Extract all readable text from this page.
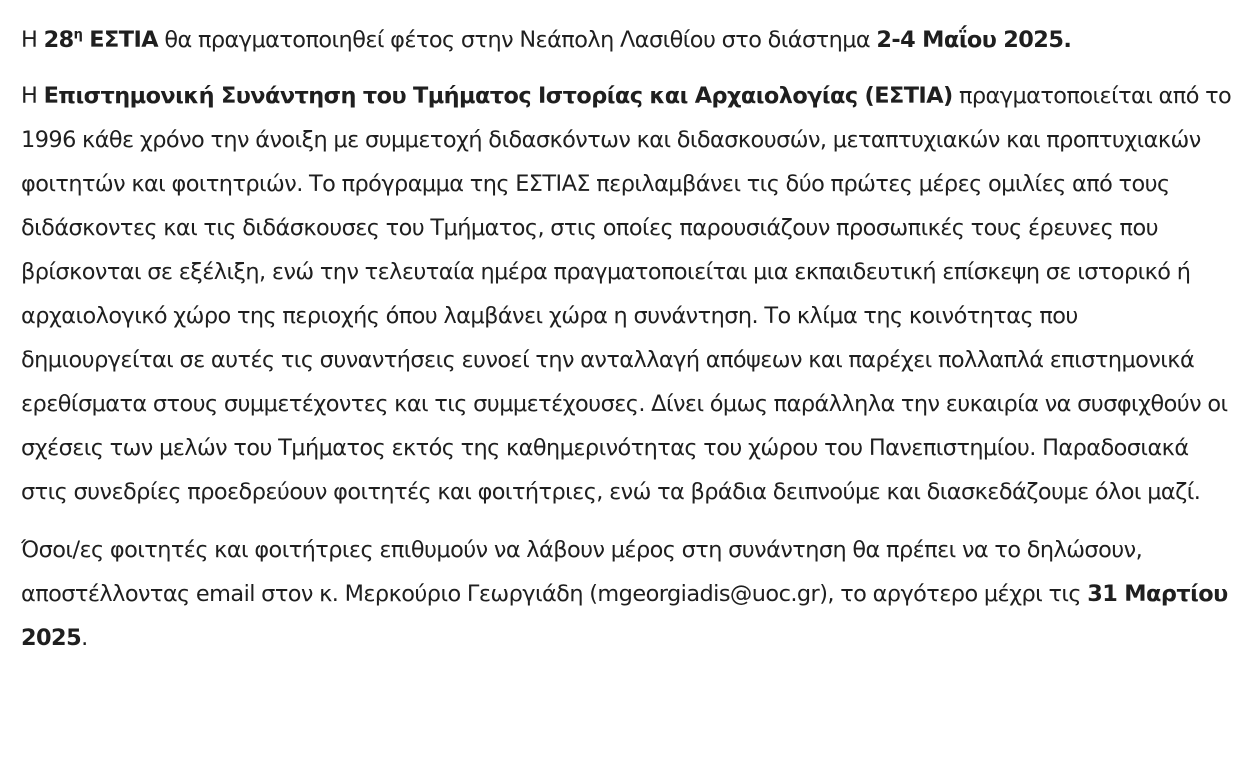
Η $28^\eta$ ΕΣΤΙΑ θα πραγματοποιηθεί φέτος στην Νεάπολη Λασιθίου στο διάστημα 2-4 Μαΐου 2025.

Η Επιστημονική Συνάντηση του Τμήματος Ιστορίας και Αρχαιολογίας (ΕΣΤΙΑ) πραγματοποιείται από το 1996 κάθε χρόνο την άνοιξη με συμμετοχή διδασκόντων και διδασκουσών, μεταπτυχιακών και προπτυχιακών φοιτητών και φοιτητριών. Το πρόγραμμα της ΕΣΤΙΑΣ περιλαμβάνει τις δύο πρώτες μέρες ομιλίες από τους διδάσκοντες και τις διδάσκουσες του Τμήματος, στις οποίες παρουσιάζουν προσωπικές τους έρευνες που βρίσκονται σε εξέλιξη, ενώ την τελευταία ημέρα πραγματοποιείται μια εκπαιδευτική επίσκεψη σε ιστορικό ή αρχαιολογικό χώρο της περιοχής όπου λαμβάνει χώρα η συνάντηση. Το κλίμα της κοινότητας που δημιουργείται σε αυτές τις συναντήσεις ευνοεί την ανταλλαγή απόψεων και παρέχει πολλαπλά επιστημονικά ερεθίσματα στους συμμετέχοντες και τις συμμετέχουσες. Δίνει όμως παράλληλα την ευκαιρία να συσφιχθούν οι σχέσεις των μελών του Τμήματος εκτός της καθημερινότητας του χώρου του Πανεπιστημίου. Παραδοσιακά στις συνεδρίες προεδρεύουν φοιτητές και φοιτήτριες, ενώ τα βράδια δειπνούμε και διασκεδάζουμε όλοι μαζί.

Όσοι/ες φοιτητές και φοιτήτριες επιθυμούν να λάβουν μέρος στη συνάντηση θα πρέπει να το δηλώσουν, αποστέλλοντας email στον κ. Μερκούριο Γεωργιάδη (mgeorgiadis@uoc.gr), το αργότερο μέχρι τις 31 Μαρτίου 2025.
